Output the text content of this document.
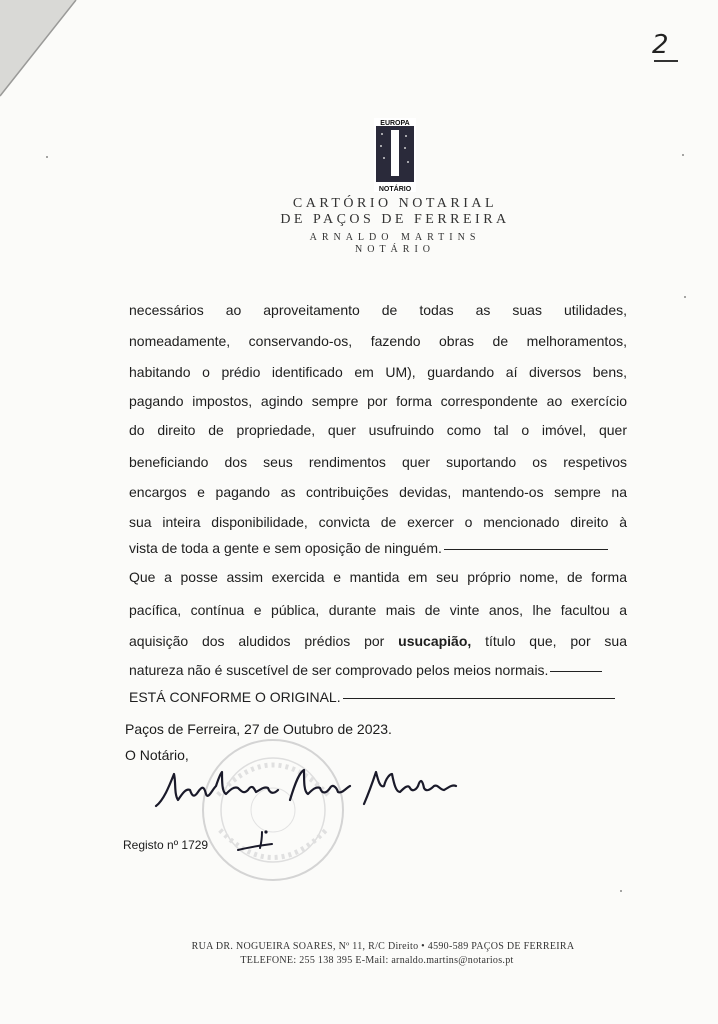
2
EUROPA
NOTÁRIO
CARTÓRIO NOTARIAL
DE PAÇOS DE FERREIRA
ARNALDO MARTINS
NOTÁRIO
necessários ao aproveitamento de todas as suas utilidades,
nomeadamente, conservando-os, fazendo obras de melhoramentos,
habitando o prédio identificado em UM), guardando aí diversos bens,
pagando impostos, agindo sempre por forma correspondente ao exercício
do direito de propriedade, quer usufruindo como tal o imóvel, quer
beneficiando dos seus rendimentos quer suportando os respetivos
encargos e pagando as contribuições devidas, mantendo-os sempre na
sua inteira disponibilidade, convicta de exercer o mencionado direito à
vista de toda a gente e sem oposição de ninguém.
Que a posse assim exercida e mantida em seu próprio nome, de forma
pacífica, contínua e pública, durante mais de vinte anos, lhe facultou a
aquisição dos aludidos prédios por usucapião, título que, por sua
natureza não é suscetível de ser comprovado pelos meios normais.
ESTÁ CONFORME O ORIGINAL.
Paços de Ferreira, 27 de Outubro de 2023.
O Notário,
Registo nº 1729
RUA DR. NOGUEIRA SOARES, Nº 11, R/C Direito • 4590-589 PAÇOS DE FERREIRA
TELEFONE: 255 138 395 E-Mail: arnaldo.martins@notarios.pt
